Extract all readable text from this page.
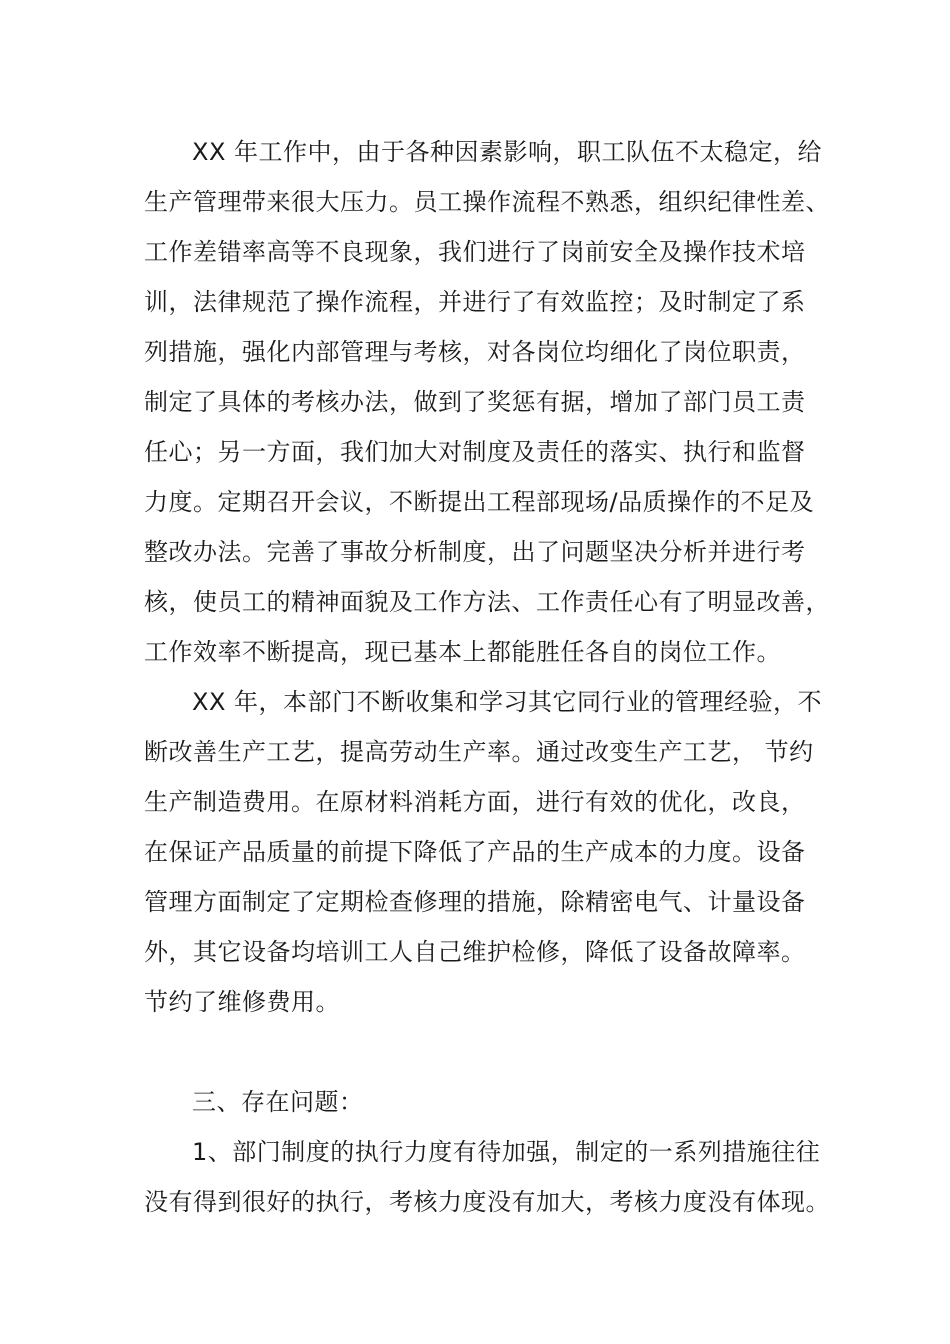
XX 年工作中，由于各种因素影响，职工队伍不太稳定，给
生产管理带来很大压力。员工操作流程不熟悉，组织纪律性差、
工作差错率高等不良现象，我们进行了岗前安全及操作技术培
训，法律规范了操作流程，并进行了有效监控；及时制定了系
列措施，强化内部管理与考核，对各岗位均细化了岗位职责，
制定了具体的考核办法，做到了奖惩有据，增加了部门员工责
任心；另一方面，我们加大对制度及责任的落实、执行和监督
力度。定期召开会议，不断提出工程部现场/品质操作的不足及
整改办法。完善了事故分析制度，出了问题坚决分析并进行考
核，使员工的精神面貌及工作方法、工作责任心有了明显改善，
工作效率不断提高，现已基本上都能胜任各自的岗位工作。
XX 年，本部门不断收集和学习其它同行业的管理经验，不
断改善生产工艺，提高劳动生产率。通过改变生产工艺， 节约
生产制造费用。在原材料消耗方面，进行有效的优化，改良，
在保证产品质量的前提下降低了产品的生产成本的力度。设备
管理方面制定了定期检查修理的措施，除精密电气、计量设备
外，其它设备均培训工人自己维护检修，降低了设备故障率。
节约了维修费用。
三、存在问题：
1、部门制度的执行力度有待加强，制定的一系列措施往往
没有得到很好的执行，考核力度没有加大，考核力度没有体现。
